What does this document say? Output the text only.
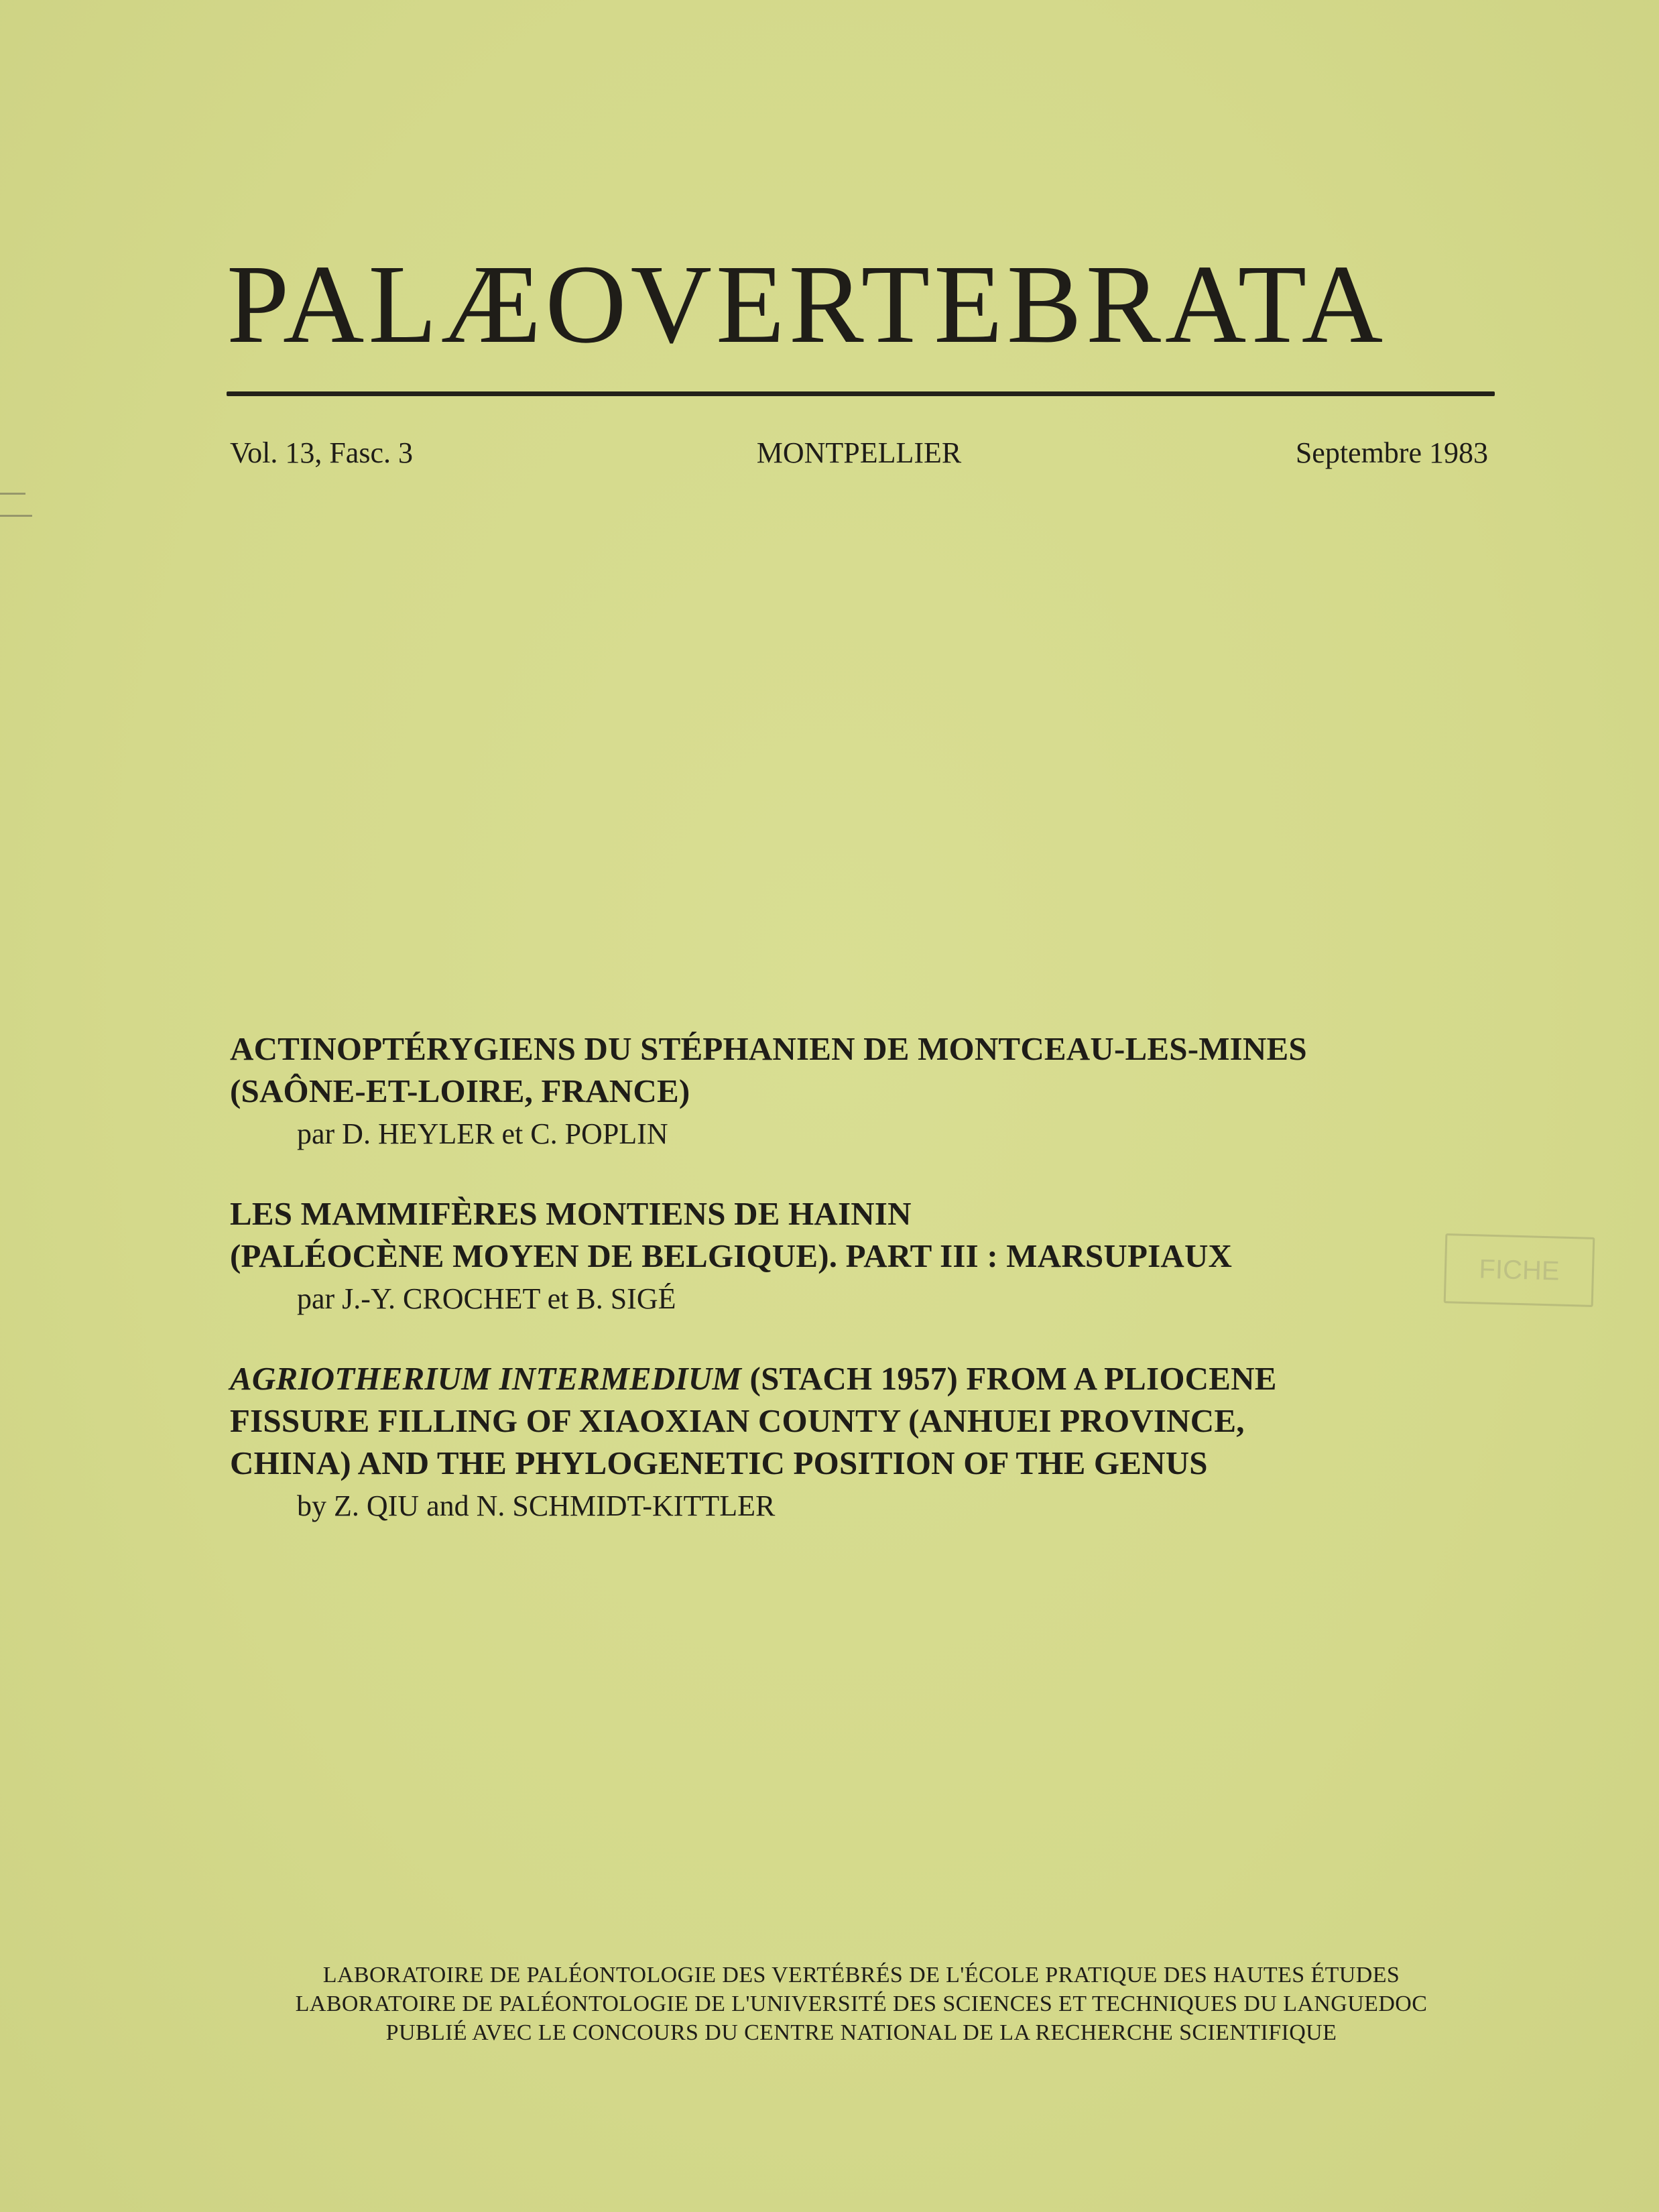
PALÆOVERTEBRATA
Vol. 13, Fasc. 3	MONTPELLIER	Septembre 1983
ACTINOPTÉRYGIENS DU STÉPHANIEN DE MONTCEAU-LES-MINES
(SAÔNE-ET-LOIRE, FRANCE)
par D. HEYLER et C. POPLIN
LES MAMMIFÈRES MONTIENS DE HAININ
(PALÉOCÈNE MOYEN DE BELGIQUE). PART III : MARSUPIAUX
par J.-Y. CROCHET et B. SIGÉ
AGRIOTHERIUM INTERMEDIUM (STACH 1957) FROM A PLIOCENE
FISSURE FILLING OF XIAOXIAN COUNTY (ANHUEI PROVINCE,
CHINA) AND THE PHYLOGENETIC POSITION OF THE GENUS
by Z. QIU and N. SCHMIDT-KITTLER
FICHE
LABORATOIRE DE PALÉONTOLOGIE DES VERTÉBRÉS DE L'ÉCOLE PRATIQUE DES HAUTES ÉTUDES
LABORATOIRE DE PALÉONTOLOGIE DE L'UNIVERSITÉ DES SCIENCES ET TECHNIQUES DU LANGUEDOC
PUBLIÉ AVEC LE CONCOURS DU CENTRE NATIONAL DE LA RECHERCHE SCIENTIFIQUE
